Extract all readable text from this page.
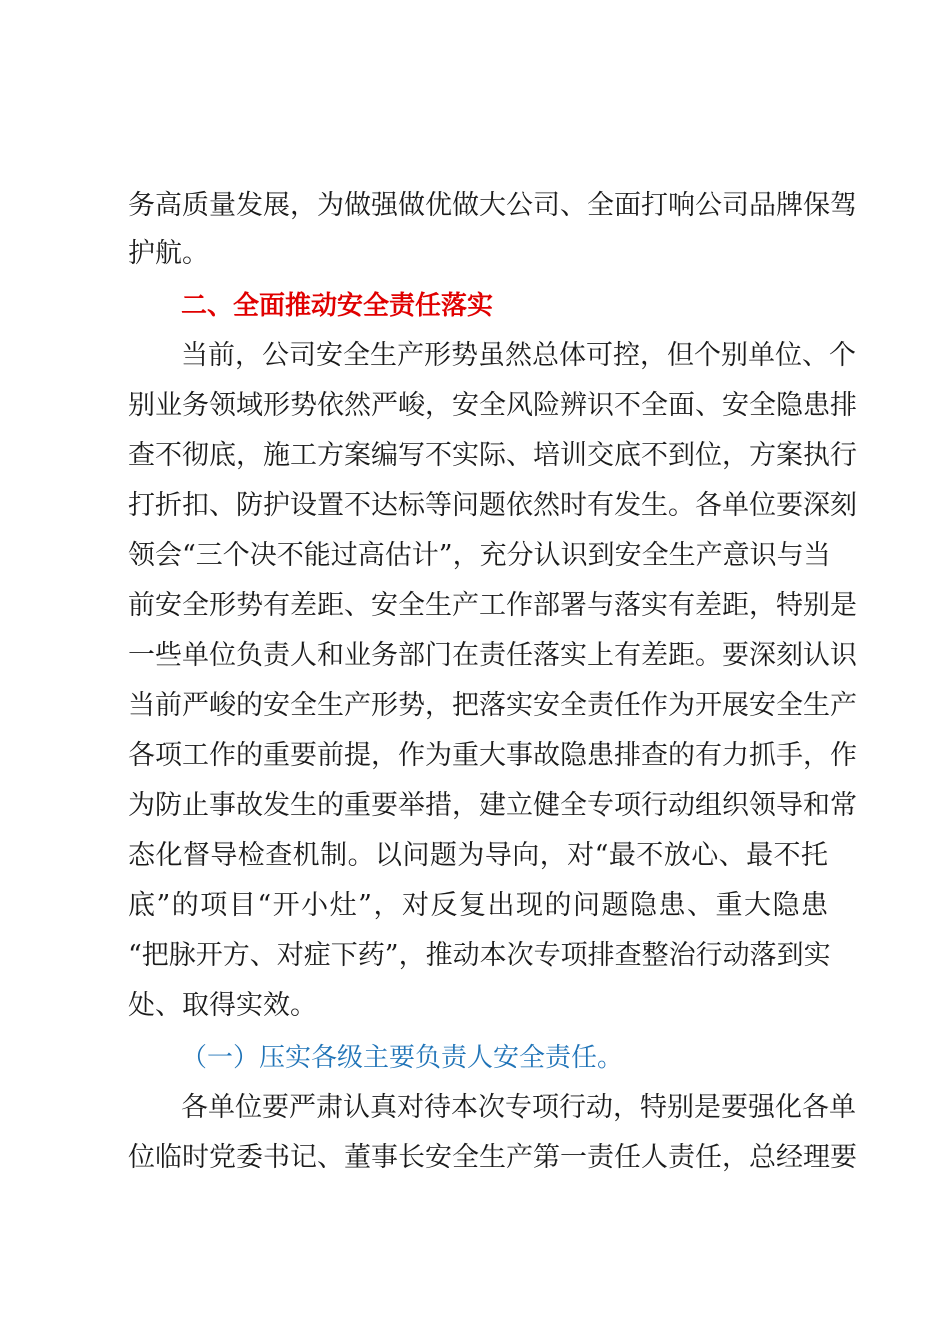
务高质量发展，为做强做优做大公司、全面打响公司品牌保驾
护航。
二、全面推动安全责任落实
当前，公司安全生产形势虽然总体可控，但个别单位、个
别业务领域形势依然严峻，安全风险辨识不全面、安全隐患排
查不彻底，施工方案编写不实际、培训交底不到位，方案执行
打折扣、防护设置不达标等问题依然时有发生。各单位要深刻
领会“三个决不能过高估计”，充分认识到安全生产意识与当
前安全形势有差距、安全生产工作部署与落实有差距，特别是
一些单位负责人和业务部门在责任落实上有差距。要深刻认识
当前严峻的安全生产形势，把落实安全责任作为开展安全生产
各项工作的重要前提，作为重大事故隐患排查的有力抓手，作
为防止事故发生的重要举措，建立健全专项行动组织领导和常
态化督导检查机制。以问题为导向，对“最不放心、最不托
底”的项目“开小灶”，对反复出现的问题隐患、重大隐患
“把脉开方、对症下药”，推动本次专项排查整治行动落到实
处、取得实效。
（一）压实各级主要负责人安全责任。
各单位要严肃认真对待本次专项行动，特别是要强化各单
位临时党委书记、董事长安全生产第一责任人责任，总经理要
